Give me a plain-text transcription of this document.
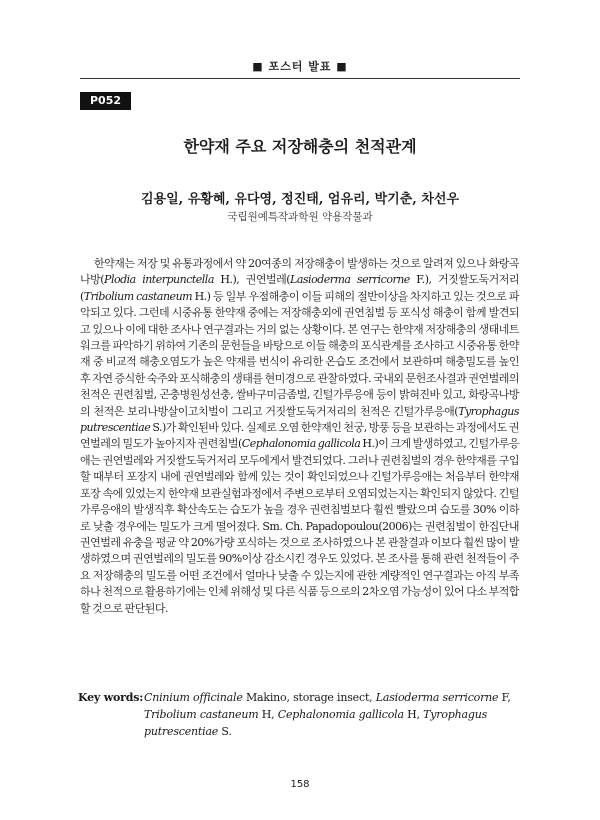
■ 포스터 발표 ■
P052
한약재 주요 저장해충의 천적관계
김용일, 유황혜, 유다영, 정진태, 엄유리, 박기춘, 차선우
국립원예특작과학원 약용작물과

한약재는 저장 및 유통과정에서 약 20여종의 저장해충이 발생하는 것으로 알려져 있으나 화랑곡나방(Plodia interpunctella H.), 권연벌레(Lasioderma serricorne F.), 거짓쌀도둑거저리(Tribolium castaneum H.) 등 일부 우점해충이 이들 피해의 절반이상을 차지하고 있는 것으로 파악되고 있다. 그런데 시중유통 한약재 중에는 저장해충외에 권연침벌 등 포식성 해충이 함께 발견되고 있으나 이에 대한 조사나 연구결과는 거의 없는 상황이다. 본 연구는 한약재 저장해충의 생태네트워크를 파악하기 위하여 기존의 문헌들을 바탕으로 이들 해충의 포식관계를 조사하고 시중유통 한약재 중 비교적 해충오염도가 높은 약재를 번식이 유리한 온습도 조건에서 보관하며 해충밀도를 높인 후 자연 증식한 숙주와 포식해충의 생태를 현미경으로 관찰하였다. 국내외 문헌조사결과 권연벌레의 천적은 권련침벌, 곤충병원성선충, 쌀바구미금좀벌, 긴털가루응애 등이 밝혀진바 있고, 화랑곡나방의 천적은 보리나방살이고치벌이 그리고 거짓쌀도둑거저리의 천적은 긴털가루응애(Tyrophagus putrescentiae S.)가 확인된바 있다. 실제로 오염 한약재인 천궁, 방풍 등을 보관하는 과정에서도 권연벌레의 밀도가 높아지자 권련침벌(Cephalonomia gallicola H.)이 크게 발생하였고, 긴털가루응애는 권연벌레와 거짓쌀도둑거저리 모두에게서 발견되었다. 그러나 권련침벌의 경우 한약재를 구입할 때부터 포장지 내에 권연벌레와 함께 있는 것이 확인되었으나 긴털가루응애는 처음부터 한약재 포장 속에 있었는지 한약재 보관실험과정에서 주변으로부터 오염되었는지는 확인되지 않았다. 긴털가루응애의 발생직후 확산속도는 습도가 높을 경우 권련침벌보다 훨씬 빨랐으며 습도를 30% 이하로 낮출 경우에는 밀도가 크게 떨어졌다. Sm. Ch. Papadopoulou(2006)는 권련침벌이 한집단내 권연벌레 유충을 평균 약 20%가량 포식하는 것으로 조사하였으나 본 관찰결과 이보다 훨씬 많이 발생하였으며 권연벌레의 밀도를 90%이상 감소시킨 경우도 있었다. 본 조사를 통해 관련 천적들이 주요 저장해충의 밀도를 어떤 조건에서 얼마나 낮출 수 있는지에 관한 계량적인 연구결과는 아직 부족하나 천적으로 활용하기에는 인체 위해성 및 다른 식품 등으로의 2차오염 가능성이 있어 다소 부적합 할 것으로 판단된다.

Key words: Cninium officinale Makino, storage insect, Lasioderma serricorne F, Tribolium castaneum H, Cephalonomia gallicola H, Tyrophagus putrescentiae S.
158
